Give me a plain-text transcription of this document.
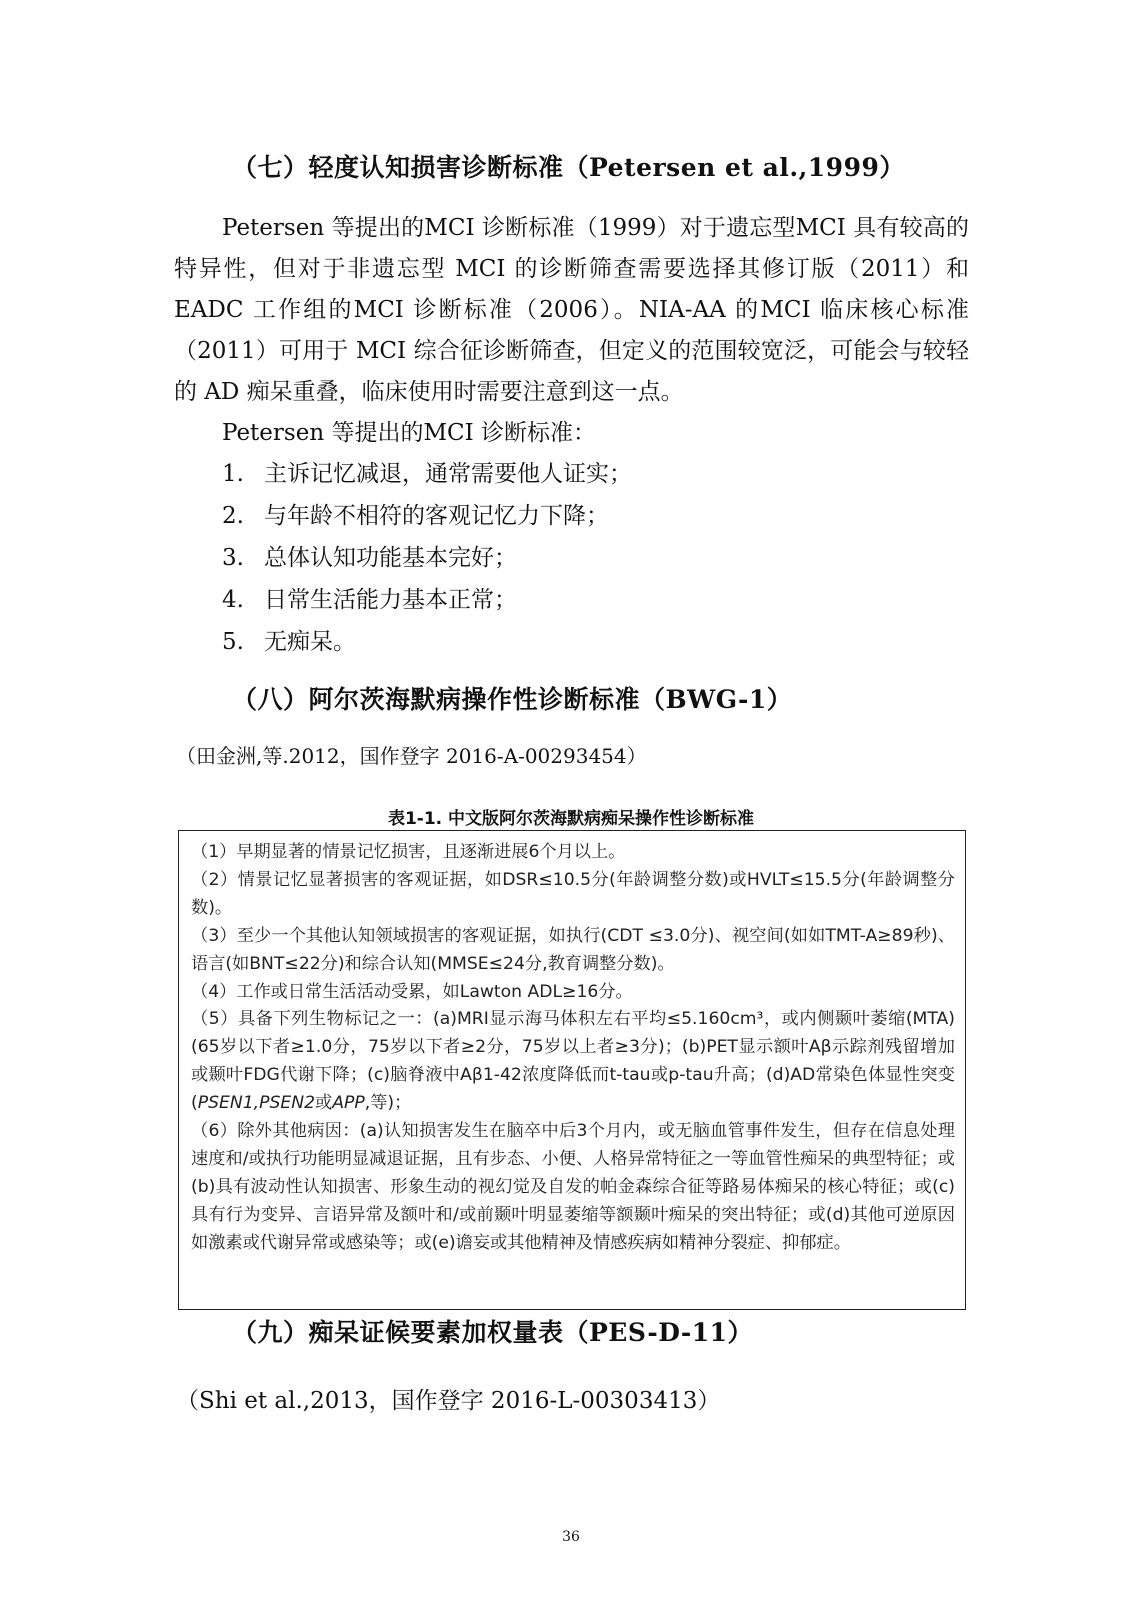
（七）轻度认知损害诊断标准（Petersen et al.,1999）

Petersen 等提出的MCI 诊断标准（1999）对于遗忘型MCI 具有较高的特异性，但对于非遗忘型 MCI 的诊断筛查需要选择其修订版（2011）和 EADC 工作组的MCI 诊断标准（2006）。NIA-AA 的MCI 临床核心标准（2011）可用于 MCI 综合征诊断筛查，但定义的范围较宽泛，可能会与较轻的 AD 痴呆重叠，临床使用时需要注意到这一点。

Petersen 等提出的MCI 诊断标准：

1. 主诉记忆减退，通常需要他人证实；
2. 与年龄不相符的客观记忆力下降；
3. 总体认知功能基本完好；
4. 日常生活能力基本正常；
5. 无痴呆。
（八）阿尔茨海默病操作性诊断标准（BWG-1）
（田金洲,等.2012，国作登字 2016-A-00293454）
表1-1. 中文版阿尔茨海默病痴呆操作性诊断标准

（1）早期显著的情景记忆损害，且逐渐进展6个月以上。

（2）情景记忆显著损害的客观证据，如DSR≤10.5分(年龄调整分数)或HVLT≤15.5分(年龄调整分数)。

（3）至少一个其他认知领域损害的客观证据，如执行(CDT ≤3.0分)、视空间(如如TMT-A≥89秒)、语言(如BNT≤22分)和综合认知(MMSE≤24分,教育调整分数)。

（4）工作或日常生活活动受累，如Lawton ADL≥16分。

（5）具备下列生物标记之一：(a)MRI显示海马体积左右平均≤5.160cm³，或内侧颞叶萎缩(MTA)(65岁以下者≥1.0分，75岁以下者≥2分，75岁以上者≥3分)；(b)PET显示额叶Aβ示踪剂残留增加或颞叶FDG代谢下降；(c)脑脊液中Aβ1-42浓度降低而t-tau或p-tau升高；(d)AD常染色体显性突变(PSEN1,PSEN2或APP,等)；

（6）除外其他病因：(a)认知损害发生在脑卒中后3个月内，或无脑血管事件发生，但存在信息处理速度和/或执行功能明显减退证据，且有步态、小便、人格异常特征之一等血管性痴呆的典型特征；或(b)具有波动性认知损害、形象生动的视幻觉及自发的帕金森综合征等路易体痴呆的核心特征；或(c)具有行为变异、言语异常及额叶和/或前颞叶明显萎缩等额颞叶痴呆的突出特征；或(d)其他可逆原因如激素或代谢异常或感染等；或(e)谵妄或其他精神及情感疾病如精神分裂症、抑郁症。

（九）痴呆证候要素加权量表（PES-D-11）
（Shi et al.,2013，国作登字 2016-L-00303413）
36
